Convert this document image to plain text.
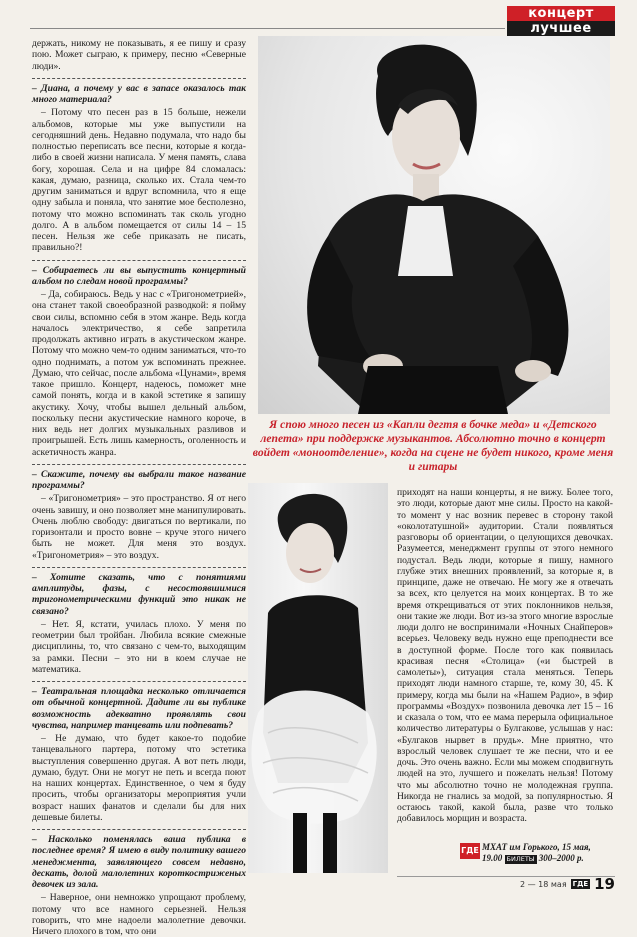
концерт
лучшее

держать, никому не показывать, я ее пишу и сразу пою. Может сыграю, к примеру, песню «Северные люди».

– Диана, а почему у вас в запасе оказалось так много материала?

– Потому что песен раз в 15 больше, нежели альбомов, которые мы уже выпустили на сегодняшний день. Недавно подумала, что надо бы полностью переписать все песни, которые я когда-либо в своей жизни написала. У меня память, слава богу, хорошая. Села и на цифре 84 сломалась: какая, думаю, разница, сколько их. Стала чем-то другим заниматься и вдруг вспомнила, что я еще одну забыла и поняла, что занятие мое бесполезно, потому что можно вспоминать так сколь угодно долго. А в альбом помещается от силы 14 – 15 песен. Нельзя же себе приказать не писать, правильно?!

– Собираетесь ли вы выпустить концертный альбом по следам новой программы?

– Да, собираюсь. Ведь у нас с «Тригонометрией», она станет такой своеобразной разводкой: я пойму свои силы, вспомню себя в этом жанре. Ведь когда началось электричество, я себе запретила продолжать активно играть в акустическом жанре. Потому что можно чем-то одним заниматься, что-то одно поднимать, а потом уж вспоминать прежнее. Думаю, что сейчас, после альбома «Цунами», время такое пришло. Концерт, надеюсь, поможет мне самой понять, когда и в какой эстетике я запишу акустику. Хочу, чтобы вышел дельный альбом, поскольку песни акустические намного короче, в них ведь нет долгих музыкальных разливов и проигрышей. Есть лишь камерность, оголенность и аскетичность жанра.

– Скажите, почему вы выбрали такое название программы?

– «Тригонометрия» – это пространство. Я от него очень завишу, и оно позволяет мне манипулировать. Очень люблю свободу: двигаться по вертикали, по горизонтали и просто вовне – круче этого ничего быть не может. Для меня это воздух. «Тригонометрия» – это воздух.

– Хотите сказать, что с понятиями амплитуды, фазы, с несостоявшимися тригонометрическими функций это никак не связано?

– Нет. Я, кстати, училась плохо. У меня по геометрии был тройбан. Любила всякие смежные дисциплины, то, что связано с чем-то, выходящим за рамки. Песни – это ни в коем случае не математика.

– Театральная площадка несколько отличается от обычной концертной. Дадите ли вы публике возможность адекватно проявлять свои чувства, например танцевать или подпевать?

– Не думаю, что будет какое-то подобие танцевального партера, потому что эстетика выступления совершенно другая. А вот петь люди, думаю, будут. Они не могут не петь и всегда поют на наших концертах. Единственное, о чем я буду просить, чтобы организаторы мероприятия учли возраст наших фанатов и сделали бы для них дешевые билеты.

– Насколько поменялась ваша публика в последнее время? Я имею в виду политику вашего менеджмента, заявляющего совсем недавно, дескать, долой малолетних короткостриженых девочек из зала.

– Наверное, они немножко упрощают проблему, потому что все намного серьезней. Нельзя говорить, что мне надоели малолетние девочки. Ничего плохого в том, что они

Я спою много песен из «Капли дегтя в бочке меда» и «Детского лепета» при поддержке музыкантов. Абсолютно точно в концерт войдет «моноотделение», когда на сцене не будет никого, кроме меня и гитары

приходят на наши концерты, я не вижу. Более того, это люди, которые дают мне силы. Просто на какой-то момент у нас возник перевес в сторону такой «околотатушной» аудитории. Стали появляться разговоры об ориентации, о целующихся девочках. Разумеется, менеджмент группы от этого немного подустал. Ведь люди, которые я пишу, намного глубже этих внешних проявлений, за которые я, в принципе, даже не отвечаю. Не могу же я отвечать за всех, кто целуется на моих концертах. В то же время открещиваться от этих поклонников нельзя, они такие же люди. Вот из-за этого многие взрослые люди долго не воспринимали «Ночных Снайперов» всерьез. Человеку ведь нужно еще преподнести все в доступной форме. После того как появилась красивая песня «Столица» («и быстрей в самолеты»), ситуация стала меняться. Теперь приходят люди намного старше, те, кому 30, 45. К примеру, когда мы были на «Нашем Радио», в эфир программы «Воздух» позвонила девочка лет 15 – 16 и сказала о том, что ее мама перерыла официальное количество литературы о Булгакове, услышав у нас: «Булгаков нырвет в прудь». Мне приятно, что взрослый человек слушает те же песни, что и ее дочь. Это очень важно. Если мы можем сподвигнуть людей на это, лучшего и пожелать нельзя! Потому что мы абсолютно точно не молодежная группа. Никогда не гнались за модой, за популярностью. Я остаюсь такой, какой была, разве что только добавилось морщин и возраста.

ГДЕ МХАТ им Горького, 15 мая,
19.00 БИЛЕТЫ 300–2000 р.
2 — 18 мая ГДЕ 19
